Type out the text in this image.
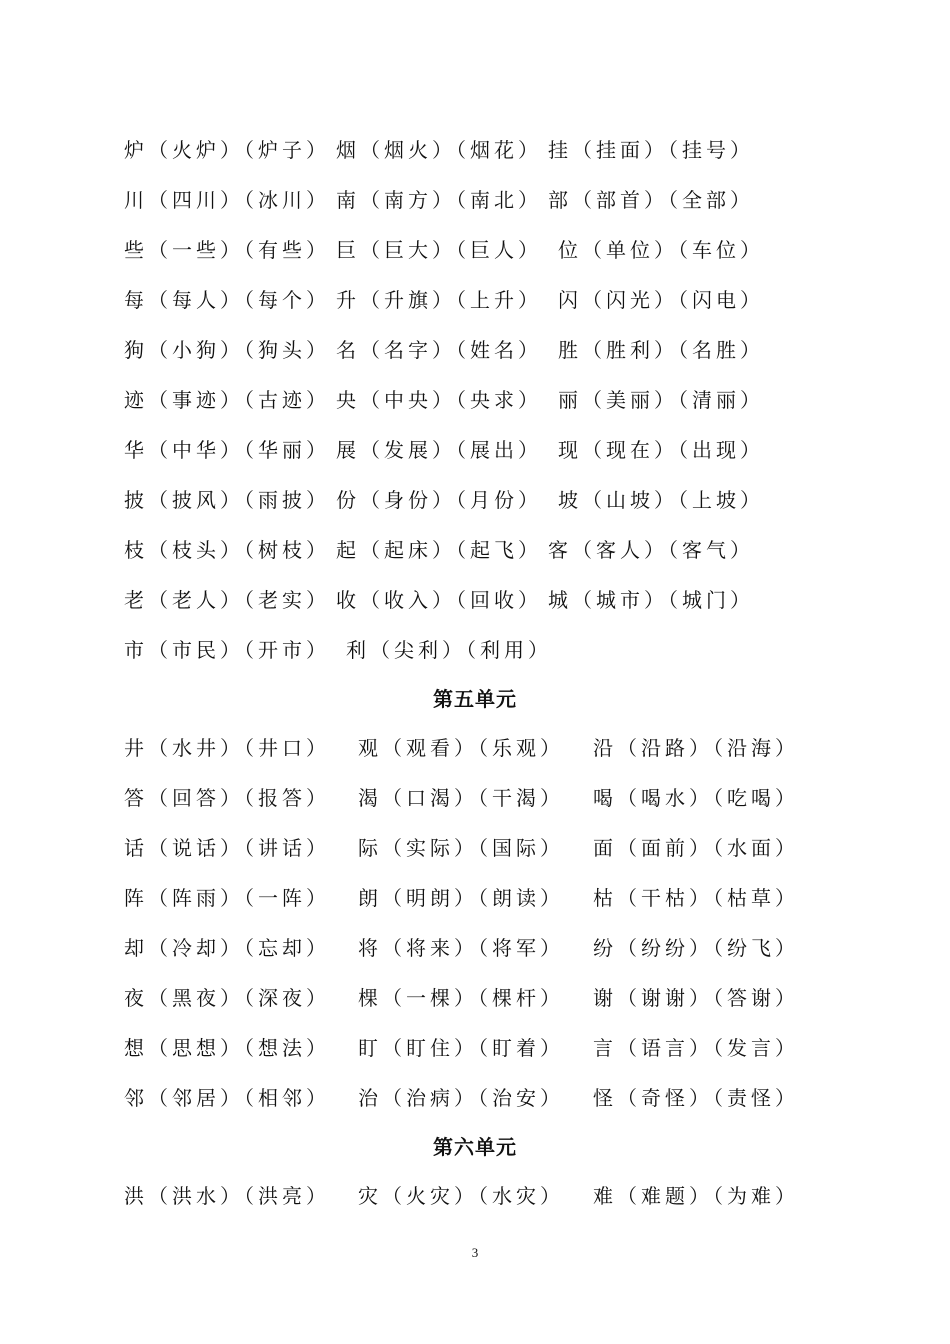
炉（火炉）（炉子） 烟（烟火）（烟花） 挂（挂面）（挂号）
川（四川）（冰川） 南（南方）（南北） 部（部首）（全部）
些（一些）（有些） 巨（巨大）（巨人） 位（单位）（车位）
每（每人）（每个） 升（升旗）（上升） 闪（闪光）（闪电）
狗（小狗）（狗头） 名（名字）（姓名） 胜（胜利）（名胜）
迹（事迹）（古迹） 央（中央）（央求） 丽（美丽）（清丽）
华（中华）（华丽） 展（发展）（展出） 现（现在）（出现）
披（披风）（雨披） 份（身份）（月份） 坡（山坡）（上坡）
枝（枝头）（树枝） 起（起床）（起飞） 客（客人）（客气）
老（老人）（老实） 收（收入）（回收） 城（城市）（城门）
市（市民）（开市） 利（尖利）（利用）
第五单元
井（水井）（井口） 观（观看）（乐观） 沿（沿路）（沿海）
答（回答）（报答） 渴（口渴）（干渴） 喝（喝水）（吃喝）
话（说话）（讲话） 际（实际）（国际） 面（面前）（水面）
阵（阵雨）（一阵） 朗（明朗）（朗读） 枯（干枯）（枯草）
却（冷却）（忘却） 将（将来）（将军） 纷（纷纷）（纷飞）
夜（黑夜）（深夜） 棵（一棵）（棵杆） 谢（谢谢）（答谢）
想（思想）（想法） 盯（盯住）（盯着） 言（语言）（发言）
邻（邻居）（相邻） 治（治病）（治安） 怪（奇怪）（责怪）
第六单元
洪（洪水）（洪亮） 灾（火灾）（水灾） 难（难题）（为难）
3
